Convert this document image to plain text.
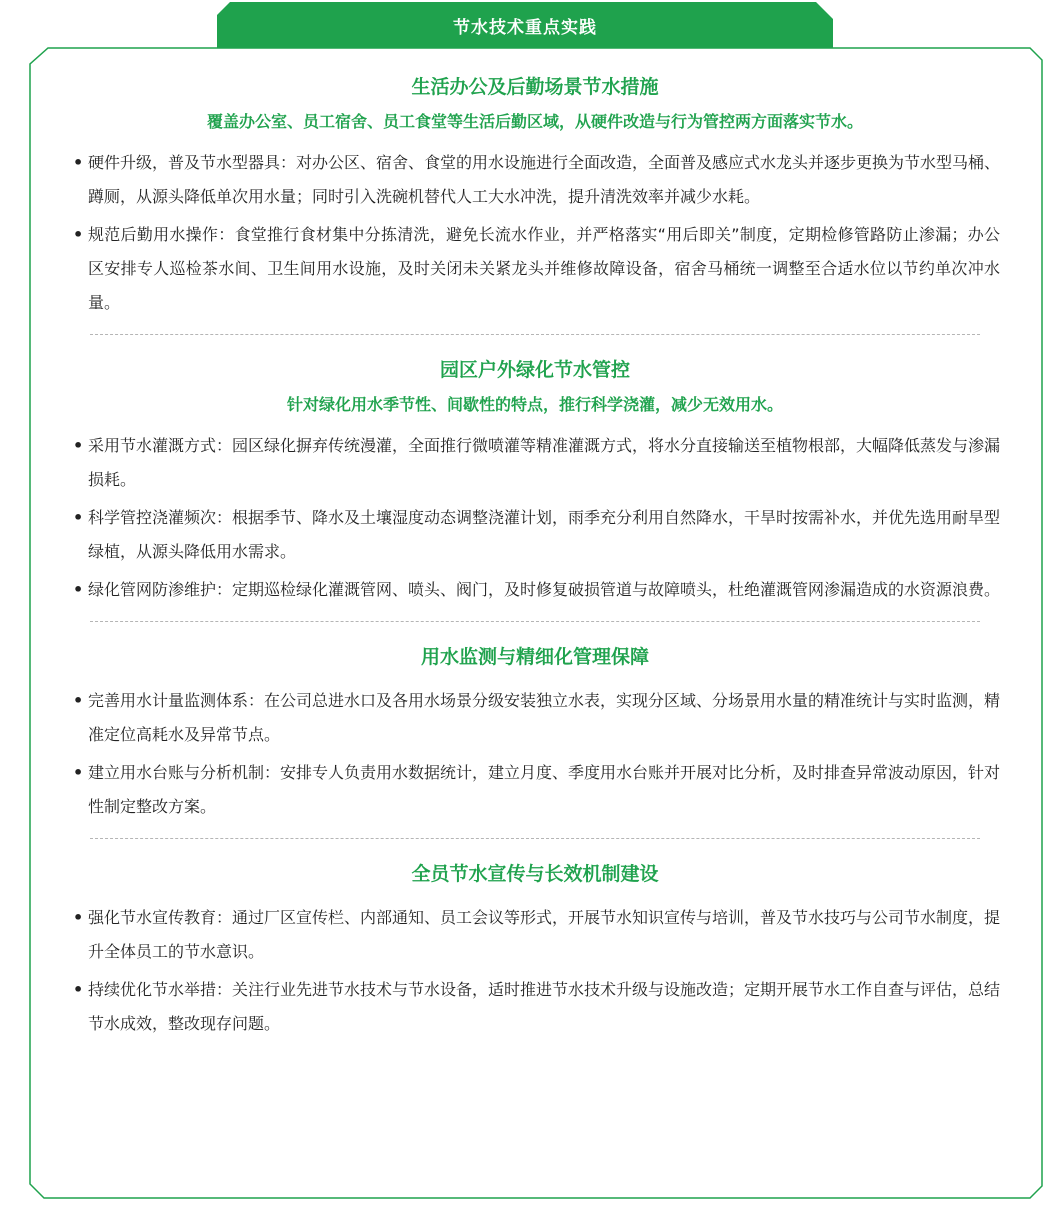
节水技术重点实践
生活办公及后勤场景节水措施
覆盖办公室、员工宿舍、员工食堂等生活后勤区域，从硬件改造与行为管控两方面落实节水。
• 硬件升级，普及节水型器具：对办公区、宿舍、食堂的用水设施进行全面改造，全面普及感应式水龙头并逐步更换为节水型马桶、蹲厕，从源头降低单次用水量；同时引入洗碗机替代人工大水冲洗，提升清洗效率并减少水耗。
• 规范后勤用水操作：食堂推行食材集中分拣清洗，避免长流水作业，并严格落实“用后即关”制度，定期检修管路防止渗漏；办公区安排专人巡检茶水间、卫生间用水设施，及时关闭未关紧龙头并维修故障设备，宿舍马桶统一调整至合适水位以节约单次冲水量。
园区户外绿化节水管控
针对绿化用水季节性、间歇性的特点，推行科学浇灌，减少无效用水。
• 采用节水灌溉方式：园区绿化摒弃传统漫灌，全面推行微喷灌等精准灌溉方式，将水分直接输送至植物根部，大幅降低蒸发与渗漏损耗。
• 科学管控浇灌频次：根据季节、降水及土壤湿度动态调整浇灌计划，雨季充分利用自然降水，干旱时按需补水，并优先选用耐旱型绿植，从源头降低用水需求。
• 绿化管网防渗维护：定期巡检绿化灌溉管网、喷头、阀门，及时修复破损管道与故障喷头，杜绝灌溉管网渗漏造成的水资源浪费。
用水监测与精细化管理保障
• 完善用水计量监测体系：在公司总进水口及各用水场景分级安装独立水表，实现分区域、分场景用水量的精准统计与实时监测，精准定位高耗水及异常节点。
• 建立用水台账与分析机制：安排专人负责用水数据统计，建立月度、季度用水台账并开展对比分析，及时排查异常波动原因，针对性制定整改方案。
全员节水宣传与长效机制建设
• 强化节水宣传教育：通过厂区宣传栏、内部通知、员工会议等形式，开展节水知识宣传与培训，普及节水技巧与公司节水制度，提升全体员工的节水意识。
• 持续优化节水举措：关注行业先进节水技术与节水设备，适时推进节水技术升级与设施改造；定期开展节水工作自查与评估，总结节水成效，整改现存问题。
